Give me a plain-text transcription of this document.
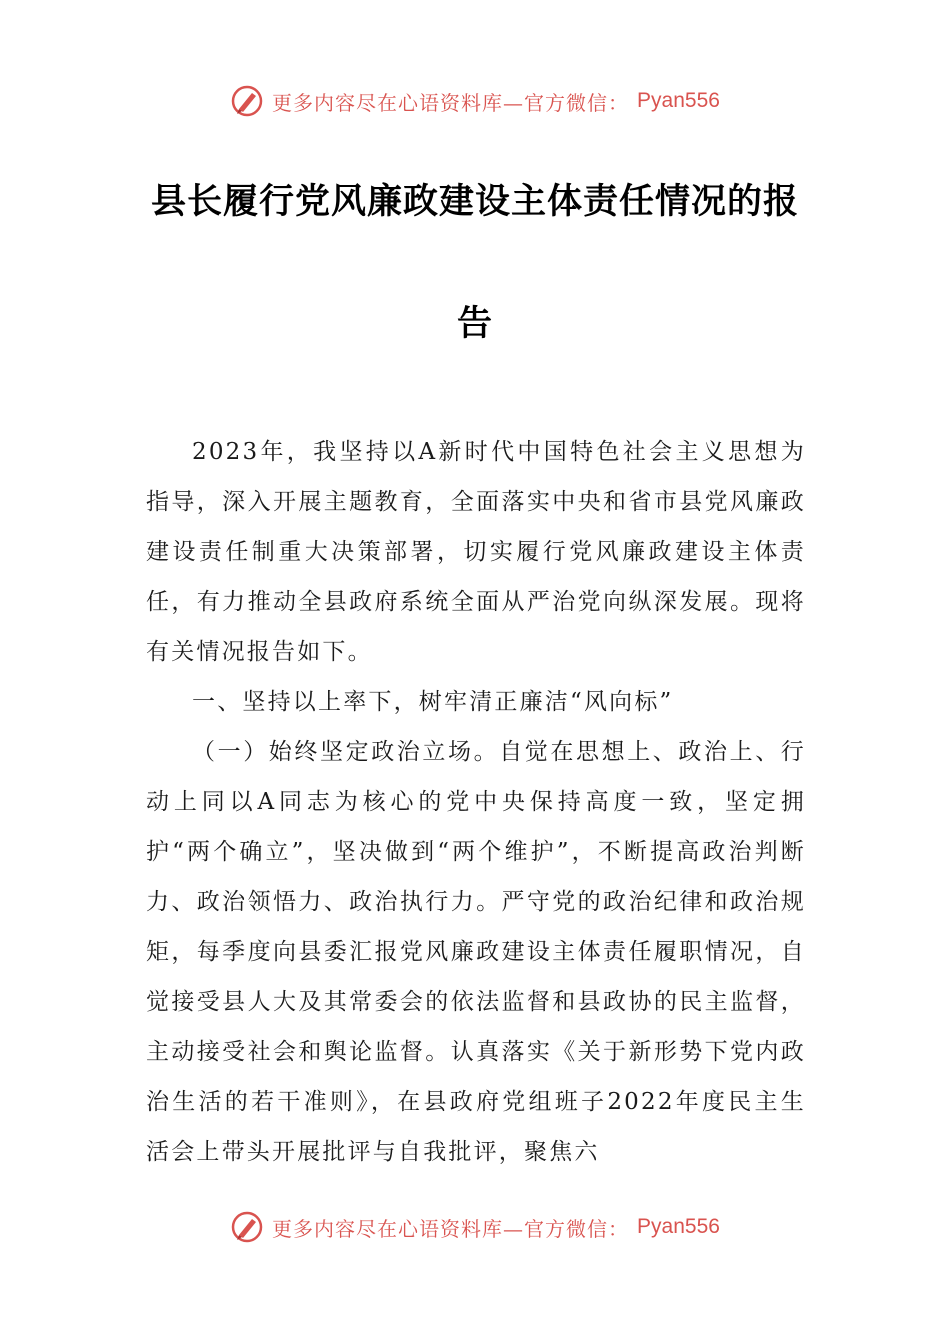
更多内容尽在心语资料库—官方微信： Pyan556
县长履行党风廉政建设主体责任情况的报
告

2023年，我坚持以A新时代中国特色社会主义思想为指导，深入开展主题教育，全面落实中央和省市县党风廉政建设责任制重大决策部署，切实履行党风廉政建设主体责任，有力推动全县政府系统全面从严治党向纵深发展。现将有关情况报告如下。

一、坚持以上率下，树牢清正廉洁“风向标”

（一）始终坚定政治立场。自觉在思想上、政治上、行动上同以A同志为核心的党中央保持高度一致，坚定拥护“两个确立”，坚决做到“两个维护”，不断提高政治判断力、政治领悟力、政治执行力。严守党的政治纪律和政治规矩，每季度向县委汇报党风廉政建设主体责任履职情况，自觉接受县人大及其常委会的依法监督和县政协的民主监督，主动接受社会和舆论监督。认真落实《关于新形势下党内政治生活的若干准则》，在县政府党组班子2022年度民主生活会上带头开展批评与自我批评，聚焦六

更多内容尽在心语资料库—官方微信： Pyan556
